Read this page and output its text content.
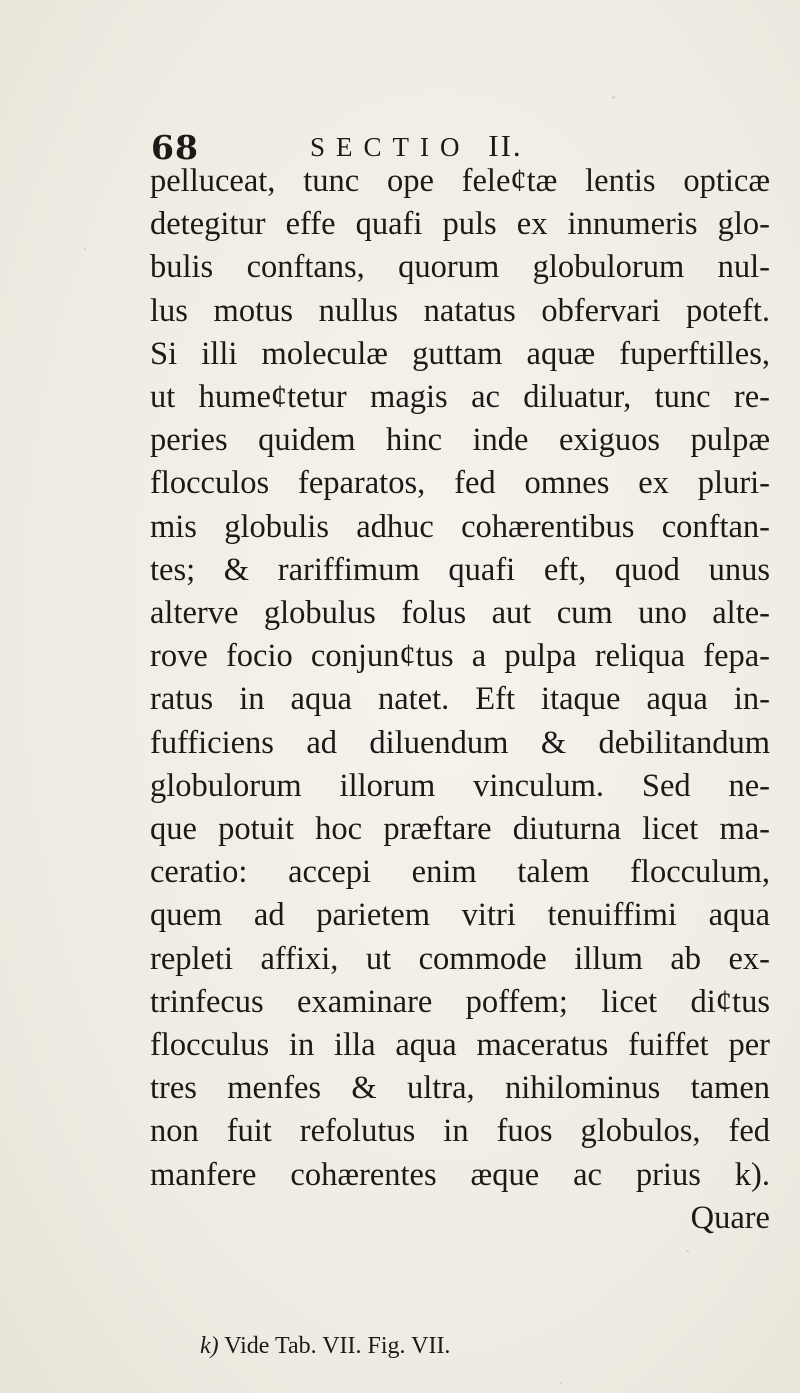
68	SECTIO II.
pelluceat, tunc ope feleȼtæ lentis opticæ
detegitur effe quafi puls ex innumeris glo-
bulis conftans, quorum globulorum nul-
lus motus nullus natatus obfervari poteft.
Si illi moleculæ guttam aquæ fuperftilles,
ut humeȼtetur magis ac diluatur, tunc re-
peries quidem hinc inde exiguos pulpæ
flocculos feparatos, fed omnes ex pluri-
mis globulis adhuc cohærentibus conftan-
tes; & rariffimum quafi eft, quod unus
alterve globulus folus aut cum uno alte-
rove focio conjunȼtus a pulpa reliqua fepa-
ratus in aqua natet. Eft itaque aqua in-
fufficiens ad diluendum & debilitandum
globulorum illorum vinculum. Sed ne-
que potuit hoc præftare diuturna licet ma-
ceratio: accepi enim talem flocculum,
quem ad parietem vitri tenuiffimi aqua
repleti affixi, ut commode illum ab ex-
trinfecus examinare poffem; licet diȼtus
flocculus in illa aqua maceratus fuiffet per
tres menfes & ultra, nihilominus tamen
non fuit refolutus in fuos globulos, fed
manfere cohærentes æque ac prius k).
Quare
k) Vide Tab. VII. Fig. VII.
